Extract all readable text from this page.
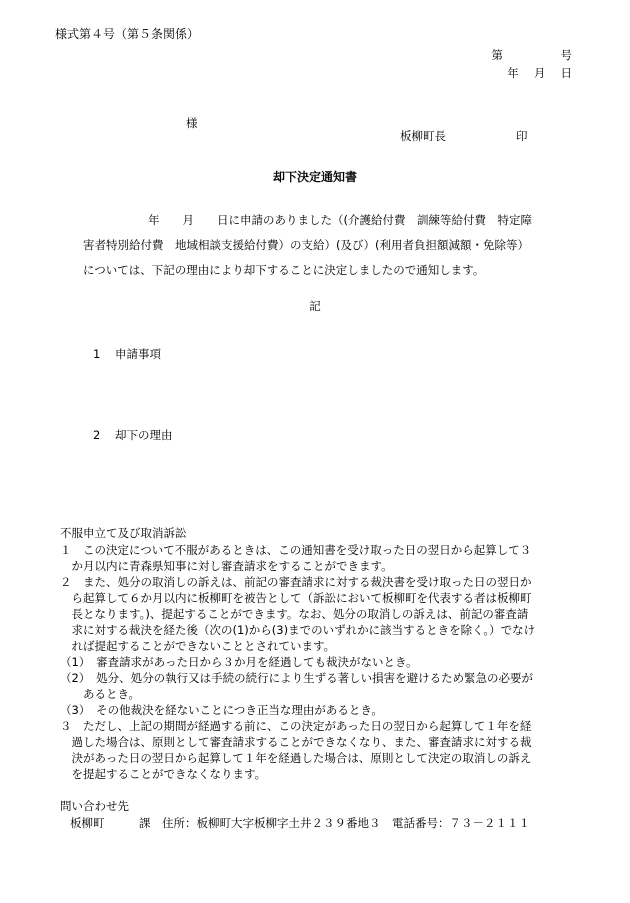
様式第４号（第５条関係）
第　　　　　号
年　 月　 日
様
板柳町長	印
却下決定通知書
年　　月　　日に申請のありました（(介護給付費　訓練等給付費　特定障
害者特別給付費　地域相談支援給付費）の支給）(及び）(利用者負担額減額・免除等）
については、下記の理由により却下することに決定しましたので通知します。
記
1 申請事項
2 却下の理由
不服申立て及び取消訴訟
１　この決定について不服があるときは、この通知書を受け取った日の翌日から起算して３
　か月以内に青森県知事に対し審査請求をすることができます。
２　また、処分の取消しの訴えは、前記の審査請求に対する裁決書を受け取った日の翌日か
　ら起算して６か月以内に板柳町を被告として（訴訟において板柳町を代表する者は板柳町
　長となります。)、提起することができます。なお、処分の取消しの訴えは、前記の審査請
　求に対する裁決を経た後（次の(1)から(3)までのいずれかに該当するときを除く。）でなけ
　れば提起することができないこととされています。
（1）　審査請求があった日から３か月を経過しても裁決がないとき。
（2）　処分、処分の執行又は手続の続行により生ずる著しい損害を避けるため緊急の必要が
　　あるとき。
（3）　その他裁決を経ないことにつき正当な理由があるとき。
３　ただし、上記の期間が経過する前に、この決定があった日の翌日から起算して１年を経
　過した場合は、原則として審査請求することができなくなり、また、審査請求に対する裁
　決があった日の翌日から起算して１年を経過した場合は、原則として決定の取消しの訴え
　を提起することができなくなります。
問い合わせ先
板柳町　　　課　住所：板柳町大字板柳字土井２３９番地３　電話番号：７３－２１１１
